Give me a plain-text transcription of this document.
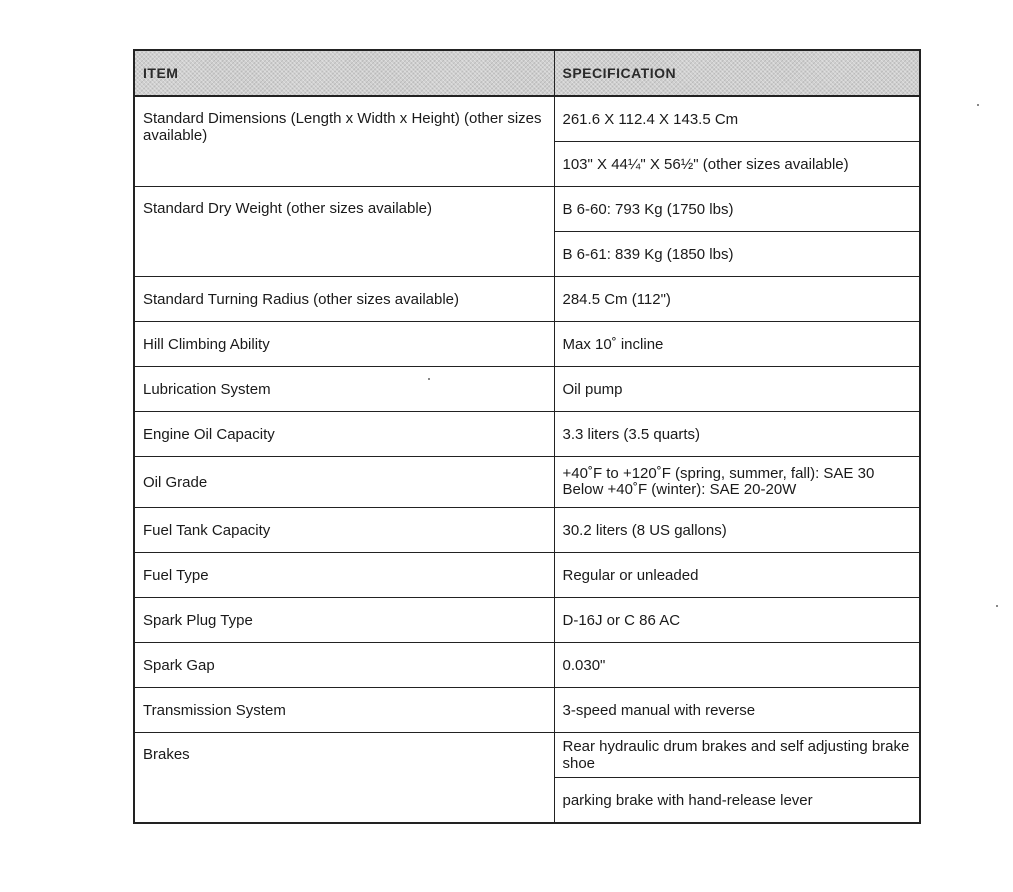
ITEM	SPECIFICATION
Standard Dimensions (Length x Width x Height) (other sizes available)	261.6 X 112.4 X 143.5 Cm
	103" X 44¼" X 56½" (other sizes available)
Standard Dry Weight (other sizes available)	B 6-60: 793 Kg (1750 lbs)
	B 6-61: 839 Kg (1850 lbs)
Standard Turning Radius (other sizes available)	284.5 Cm (112")
Hill Climbing Ability	Max 10˚ incline
Lubrication System	Oil pump
Engine Oil Capacity	3.3 liters (3.5 quarts)
Oil Grade	+40˚F to +120˚F (spring, summer, fall): SAE 30
Below +40˚F (winter): SAE 20-20W
Fuel Tank Capacity	30.2 liters (8 US gallons)
Fuel Type	Regular or unleaded
Spark Plug Type	D-16J or C 86 AC
Spark Gap	0.030"
Transmission System	3-speed manual with reverse
Brakes	Rear hydraulic drum brakes and self adjusting brake shoe
	parking brake with hand-release lever
